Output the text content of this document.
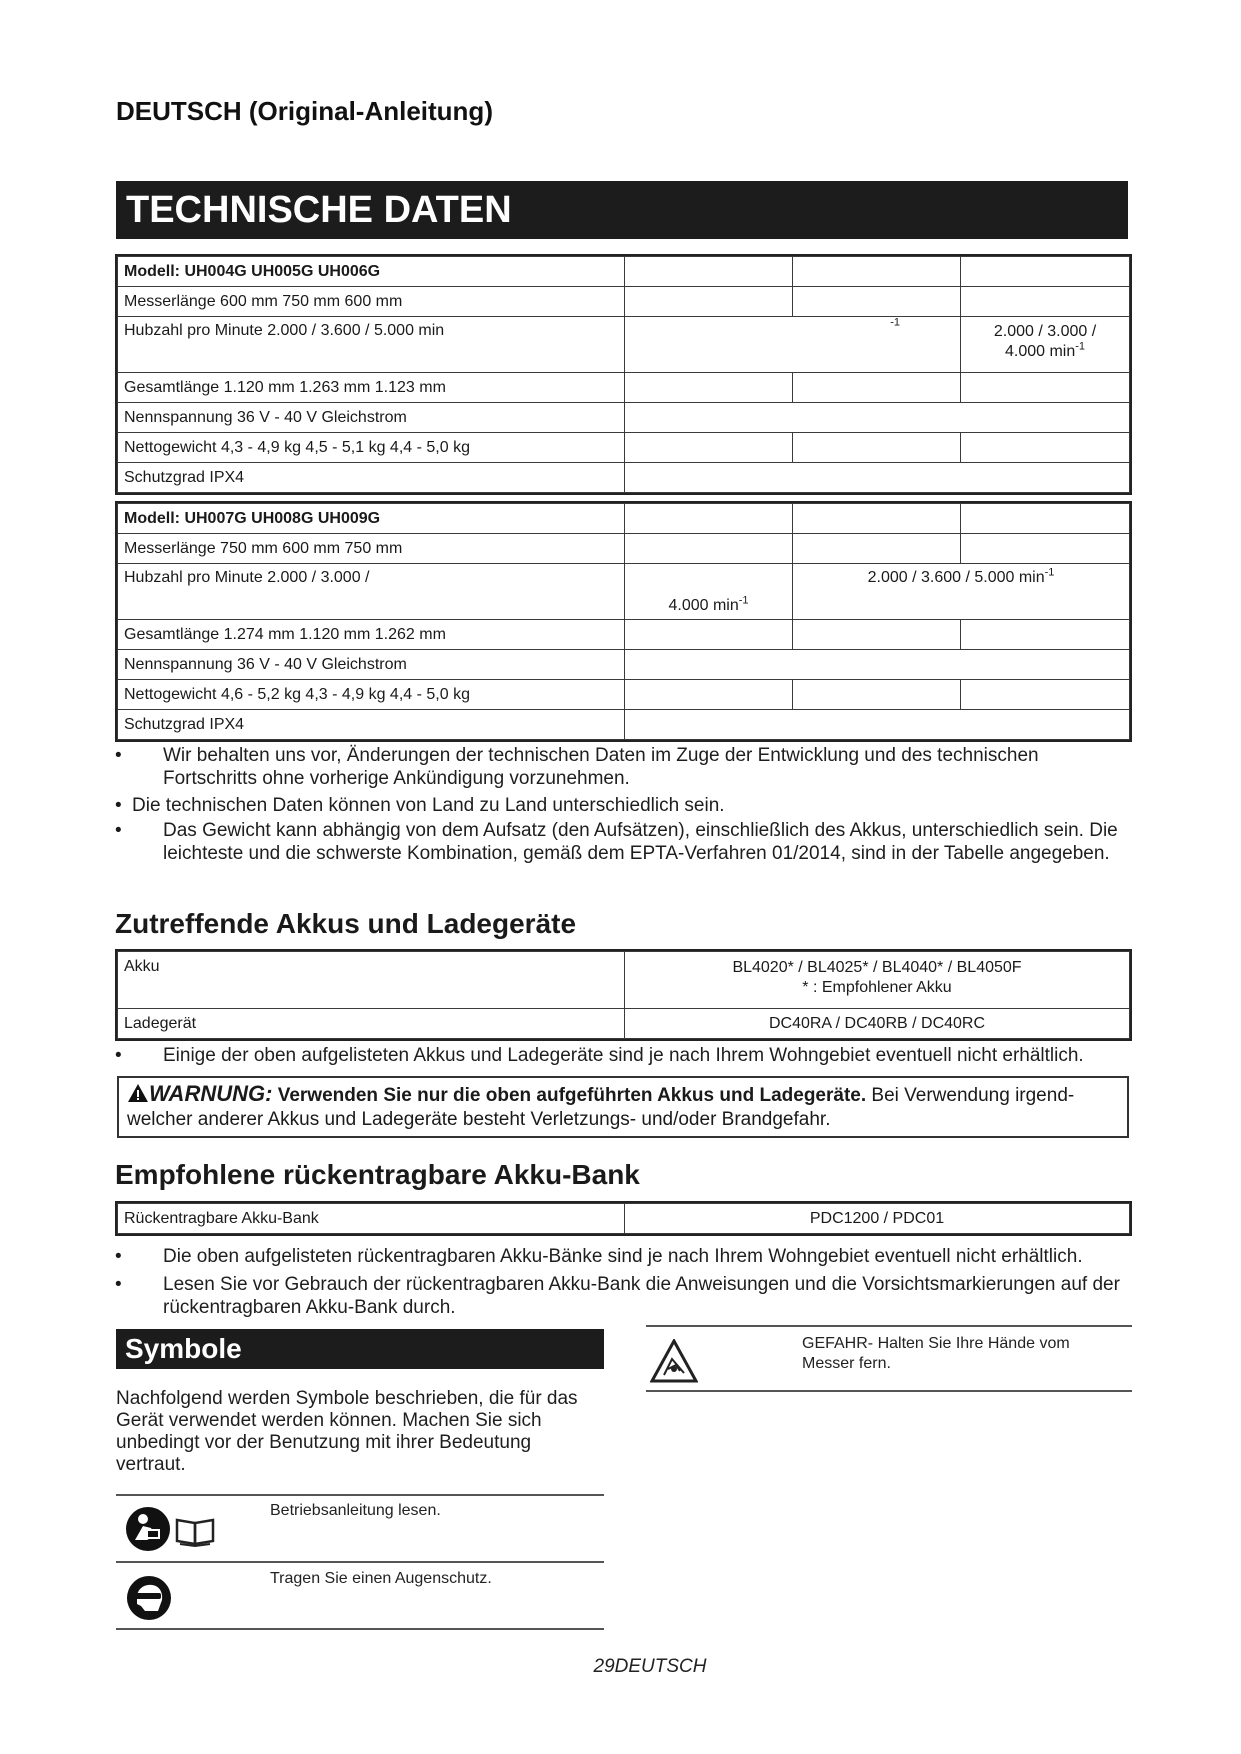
DEUTSCH (Original-Anleitung)
TECHNISCHE DATEN
Modell: UH004G UH005G UH006G			
Messerlänge 600 mm 750 mm 600 mm			
Hubzahl pro Minute 2.000 / 3.600 / 5.000 min	$^{-1}$		2.000 / 3.000 /
4.000 $\min^{-1}$

Gesamtlänge 1.120 mm 1.263 mm 1.123 mm			
Nennspannung 36 V - 40 V Gleichstrom			
Nettogewicht 4,3 - 4,9 kg 4,5 - 5,1 kg 4,4 - 5,0 kg			
Schutzgrad IPX4			
Modell: UH007G UH008G UH009G			
Messerlänge 750 mm 600 mm 750 mm			
Hubzahl pro Minute 2.000 / 3.000 /	4.000 $\min^{-1}$	2.000 / 3.600 / 5.000 $\min^{-1}$
Gesamtlänge 1.274 mm 1.120 mm 1.262 mm			
Nennspannung 36 V - 40 V Gleichstrom			
Nettogewicht 4,6 - 5,2 kg 4,3 - 4,9 kg 4,4 - 5,0 kg			
Schutzgrad IPX4			
• Wir behalten uns vor, Änderungen der technischen Daten im Zuge der Entwicklung und des technischen Fortschritts ohne vorherige Ankündigung vorzunehmen.
• Die technischen Daten können von Land zu Land unterschiedlich sein.
• Das Gewicht kann abhängig von dem Aufsatz (den Aufsätzen), einschließlich des Akkus, unterschiedlich sein. Die leichteste und die schwerste Kombination, gemäß dem EPTA-Verfahren 01/2014, sind in der Tabelle angegeben.
Zutreffende Akkus und Ladegeräte
Akku	BL4020* / BL4025* / BL4040* / BL4050F
* : Empfohlener Akku

Ladegerät	DC40RA / DC40RB / DC40RC
• Einige der oben aufgelisteten Akkus und Ladegeräte sind je nach Ihrem Wohngebiet eventuell nicht erhältlich.
WARNUNG: Verwenden Sie nur die oben aufgeführten Akkus und Ladegeräte. Bei Verwendung irgend-welcher anderer Akkus und Ladegeräte besteht Verletzungs- und/oder Brandgefahr.
Empfohlene rückentragbare Akku-Bank
Rückentragbare Akku-Bank	PDC1200 / PDC01
• Die oben aufgelisteten rückentragbaren Akku-Bänke sind je nach Ihrem Wohngebiet eventuell nicht erhältlich.
• Lesen Sie vor Gebrauch der rückentragbaren Akku-Bank die Anweisungen und die Vorsichtsmarkierungen auf der rückentragbaren Akku-Bank durch.
Symbole
Nachfolgend werden Symbole beschrieben, die für das Gerät verwendet werden können. Machen Sie sich unbedingt vor der Benutzung mit ihrer Bedeutung vertraut.
Betriebsanleitung lesen.
Tragen Sie einen Augenschutz.
GEFAHR- Halten Sie Ihre Hände vom Messer fern.
29DEUTSCH
